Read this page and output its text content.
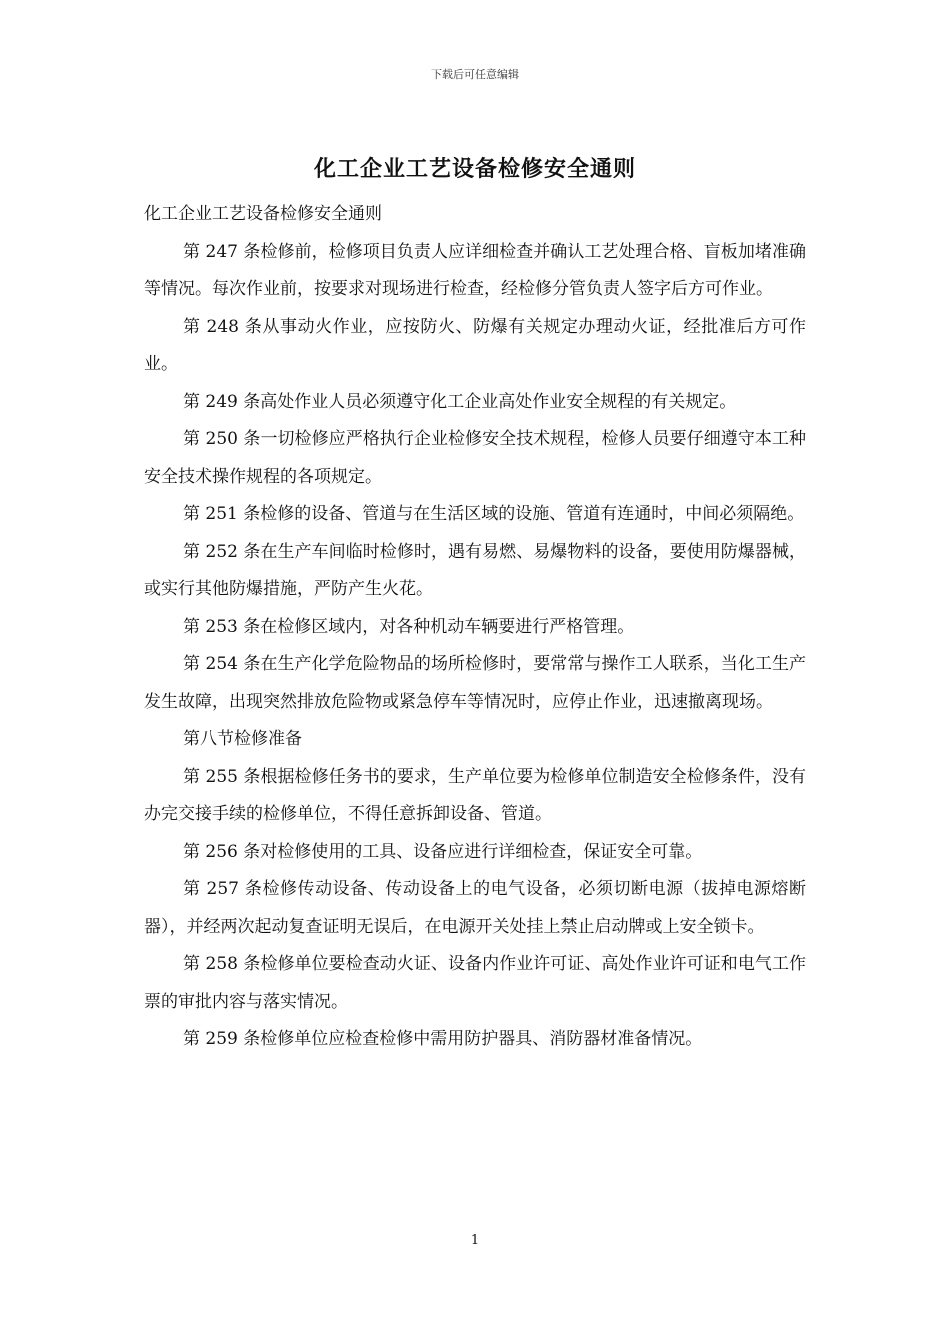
下载后可任意编辑
化工企业工艺设备检修安全通则

化工企业工艺设备检修安全通则

第 247 条检修前，检修项目负责人应详细检查并确认工艺处理合格、盲板加堵准确等情况。每次作业前，按要求对现场进行检查，经检修分管负责人签字后方可作业。

第 248 条从事动火作业，应按防火、防爆有关规定办理动火证，经批准后方可作业。

第 249 条高处作业人员必须遵守化工企业高处作业安全规程的有关规定。

第 250 条一切检修应严格执行企业检修安全技术规程，检修人员要仔细遵守本工种安全技术操作规程的各项规定。

第 251 条检修的设备、管道与在生活区域的设施、管道有连通时，中间必须隔绝。

第 252 条在生产车间临时检修时，遇有易燃、易爆物料的设备，要使用防爆器械，或实行其他防爆措施，严防产生火花。

第 253 条在检修区域内，对各种机动车辆要进行严格管理。

第 254 条在生产化学危险物品的场所检修时，要常常与操作工人联系，当化工生产发生故障，出现突然排放危险物或紧急停车等情况时，应停止作业，迅速撤离现场。

第八节检修准备

第 255 条根据检修任务书的要求，生产单位要为检修单位制造安全检修条件，没有办完交接手续的检修单位，不得任意拆卸设备、管道。

第 256 条对检修使用的工具、设备应进行详细检查，保证安全可靠。

第 257 条检修传动设备、传动设备上的电气设备，必须切断电源（拔掉电源熔断器），并经两次起动复查证明无误后，在电源开关处挂上禁止启动牌或上安全锁卡。

第 258 条检修单位要检查动火证、设备内作业许可证、高处作业许可证和电气工作票的审批内容与落实情况。

第 259 条检修单位应检查检修中需用防护器具、消防器材准备情况。

1
